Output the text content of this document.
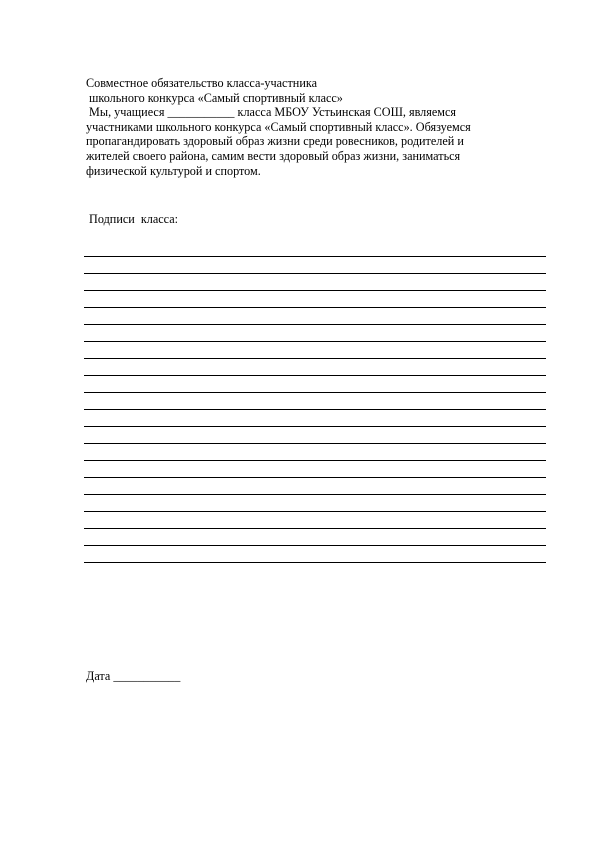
Совместное обязательство класса-участника

школьного конкурса «Самый спортивный класс»

Мы, учащиеся ___________ класса МБОУ Устьинская СОШ, являемся

участниками школьного конкурса «Самый спортивный класс». Обязуемся

пропагандировать здоровый образ жизни среди ровесников, родителей и

жителей своего района, самим вести здоровый образ жизни, заниматься

физической культурой и спортом.

Подписи  класса:
Дата ___________
